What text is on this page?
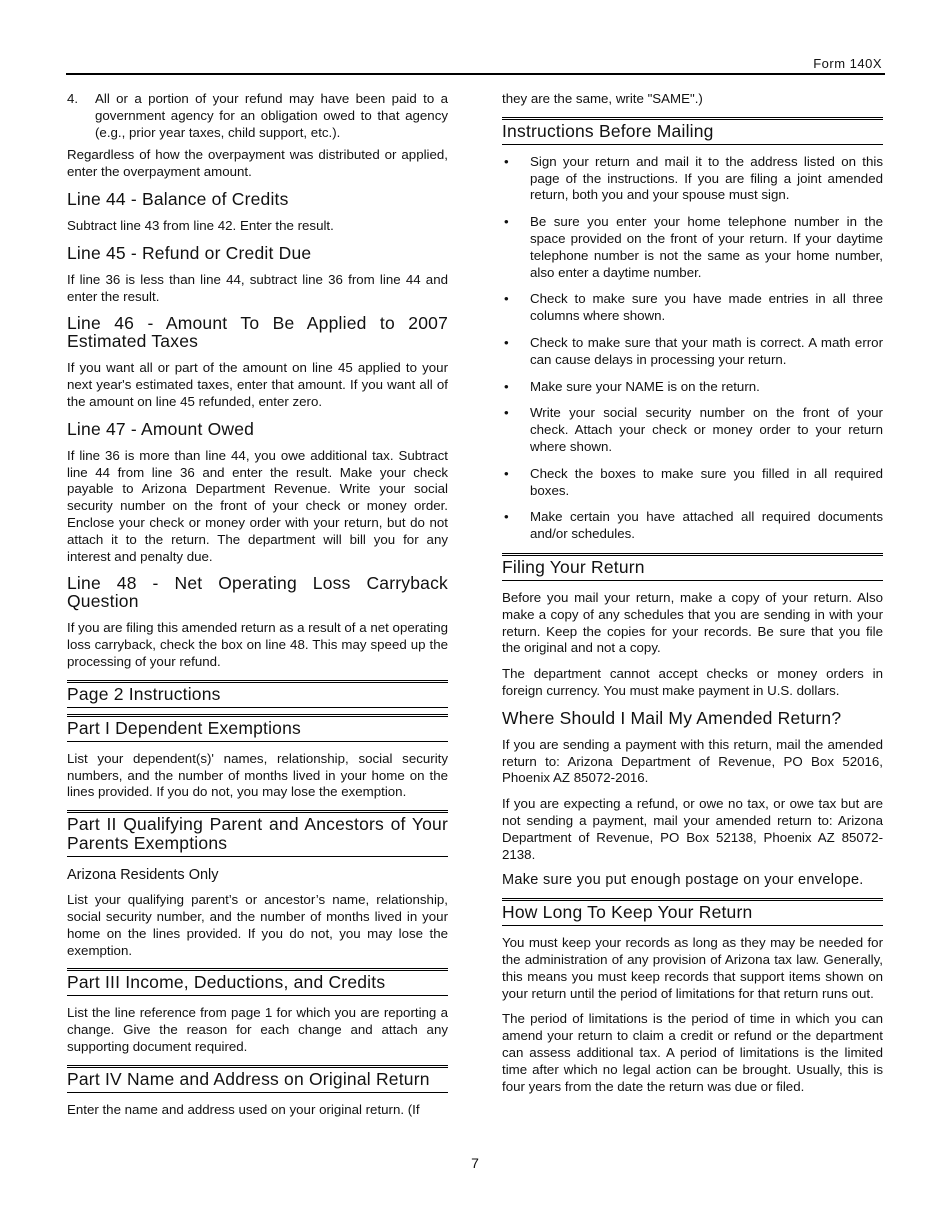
Form 140X
4.	All or a portion of your refund may have been paid to a government agency for an obligation owed to that agency (e.g., prior year taxes, child support, etc.).

Regardless of how the overpayment was distributed or applied, enter the overpayment amount.

Line 44 - Balance of Credits

Subtract line 43 from line 42. Enter the result.

Line 45 - Refund or Credit Due

If line 36 is less than line 44, subtract line 36 from line 44 and enter the result.

Line 46 - Amount To Be Applied to 2007 Estimated Taxes

If you want all or part of the amount on line 45 applied to your next year's estimated taxes, enter that amount. If you want all of the amount on line 45 refunded, enter zero.

Line 47 - Amount Owed

If line 36 is more than line 44, you owe additional tax. Subtract line 44 from line 36 and enter the result. Make your check payable to Arizona Department Revenue. Write your social security number on the front of your check or money order. Enclose your check or money order with your return, but do not attach it to the return. The department will bill you for any interest and penalty due.

Line 48 - Net Operating Loss Carryback Question

If you are filing this amended return as a result of a net operating loss carryback, check the box on line 48. This may speed up the processing of your refund.

Page 2 Instructions
Part I Dependent Exemptions

List your dependent(s)' names, relationship, social security numbers, and the number of months lived in your home on the lines provided. If you do not, you may lose the exemption.

Part II Qualifying Parent and Ancestors of Your Parents Exemptions
Arizona Residents Only

List your qualifying parent’s or ancestor’s name, relationship, social security number, and the number of months lived in your home on the lines provided. If you do not, you may lose the exemption.

Part III Income, Deductions, and Credits

List the line reference from page 1 for which you are reporting a change. Give the reason for each change and attach any supporting document required.

Part IV Name and Address on Original Return

Enter the name and address used on your original return. (If

they are the same, write "SAME".)

Instructions Before Mailing
• Sign your return and mail it to the address listed on this page of the instructions. If you are filing a joint amended return, both you and your spouse must sign.
• Be sure you enter your home telephone number in the space provided on the front of your return. If your daytime telephone number is not the same as your home number, also enter a daytime number.
• Check to make sure you have made entries in all three columns where shown.
• Check to make sure that your math is correct. A math error can cause delays in processing your return.
• Make sure your NAME is on the return.
• Write your social security number on the front of your check. Attach your check or money order to your return where shown.
• Check the boxes to make sure you filled in all required boxes.
• Make certain you have attached all required documents and/or schedules.
Filing Your Return

Before you mail your return, make a copy of your return. Also make a copy of any schedules that you are sending in with your return. Keep the copies for your records. Be sure that you file the original and not a copy.

The department cannot accept checks or money orders in foreign currency. You must make payment in U.S. dollars.

Where Should I Mail My Amended Return?

If you are sending a payment with this return, mail the amended return to: Arizona Department of Revenue, PO Box 52016, Phoenix AZ 85072-2016.

If you are expecting a refund, or owe no tax, or owe tax but are not sending a payment, mail your amended return to: Arizona Department of Revenue, PO Box 52138, Phoenix AZ 85072-2138.

Make sure you put enough postage on your envelope.

How Long To Keep Your Return

You must keep your records as long as they may be needed for the administration of any provision of Arizona tax law. Generally, this means you must keep records that support items shown on your return until the period of limitations for that return runs out.

The period of limitations is the period of time in which you can amend your return to claim a credit or refund or the department can assess additional tax. A period of limitations is the limited time after which no legal action can be brought. Usually, this is four years from the date the return was due or filed.

7
